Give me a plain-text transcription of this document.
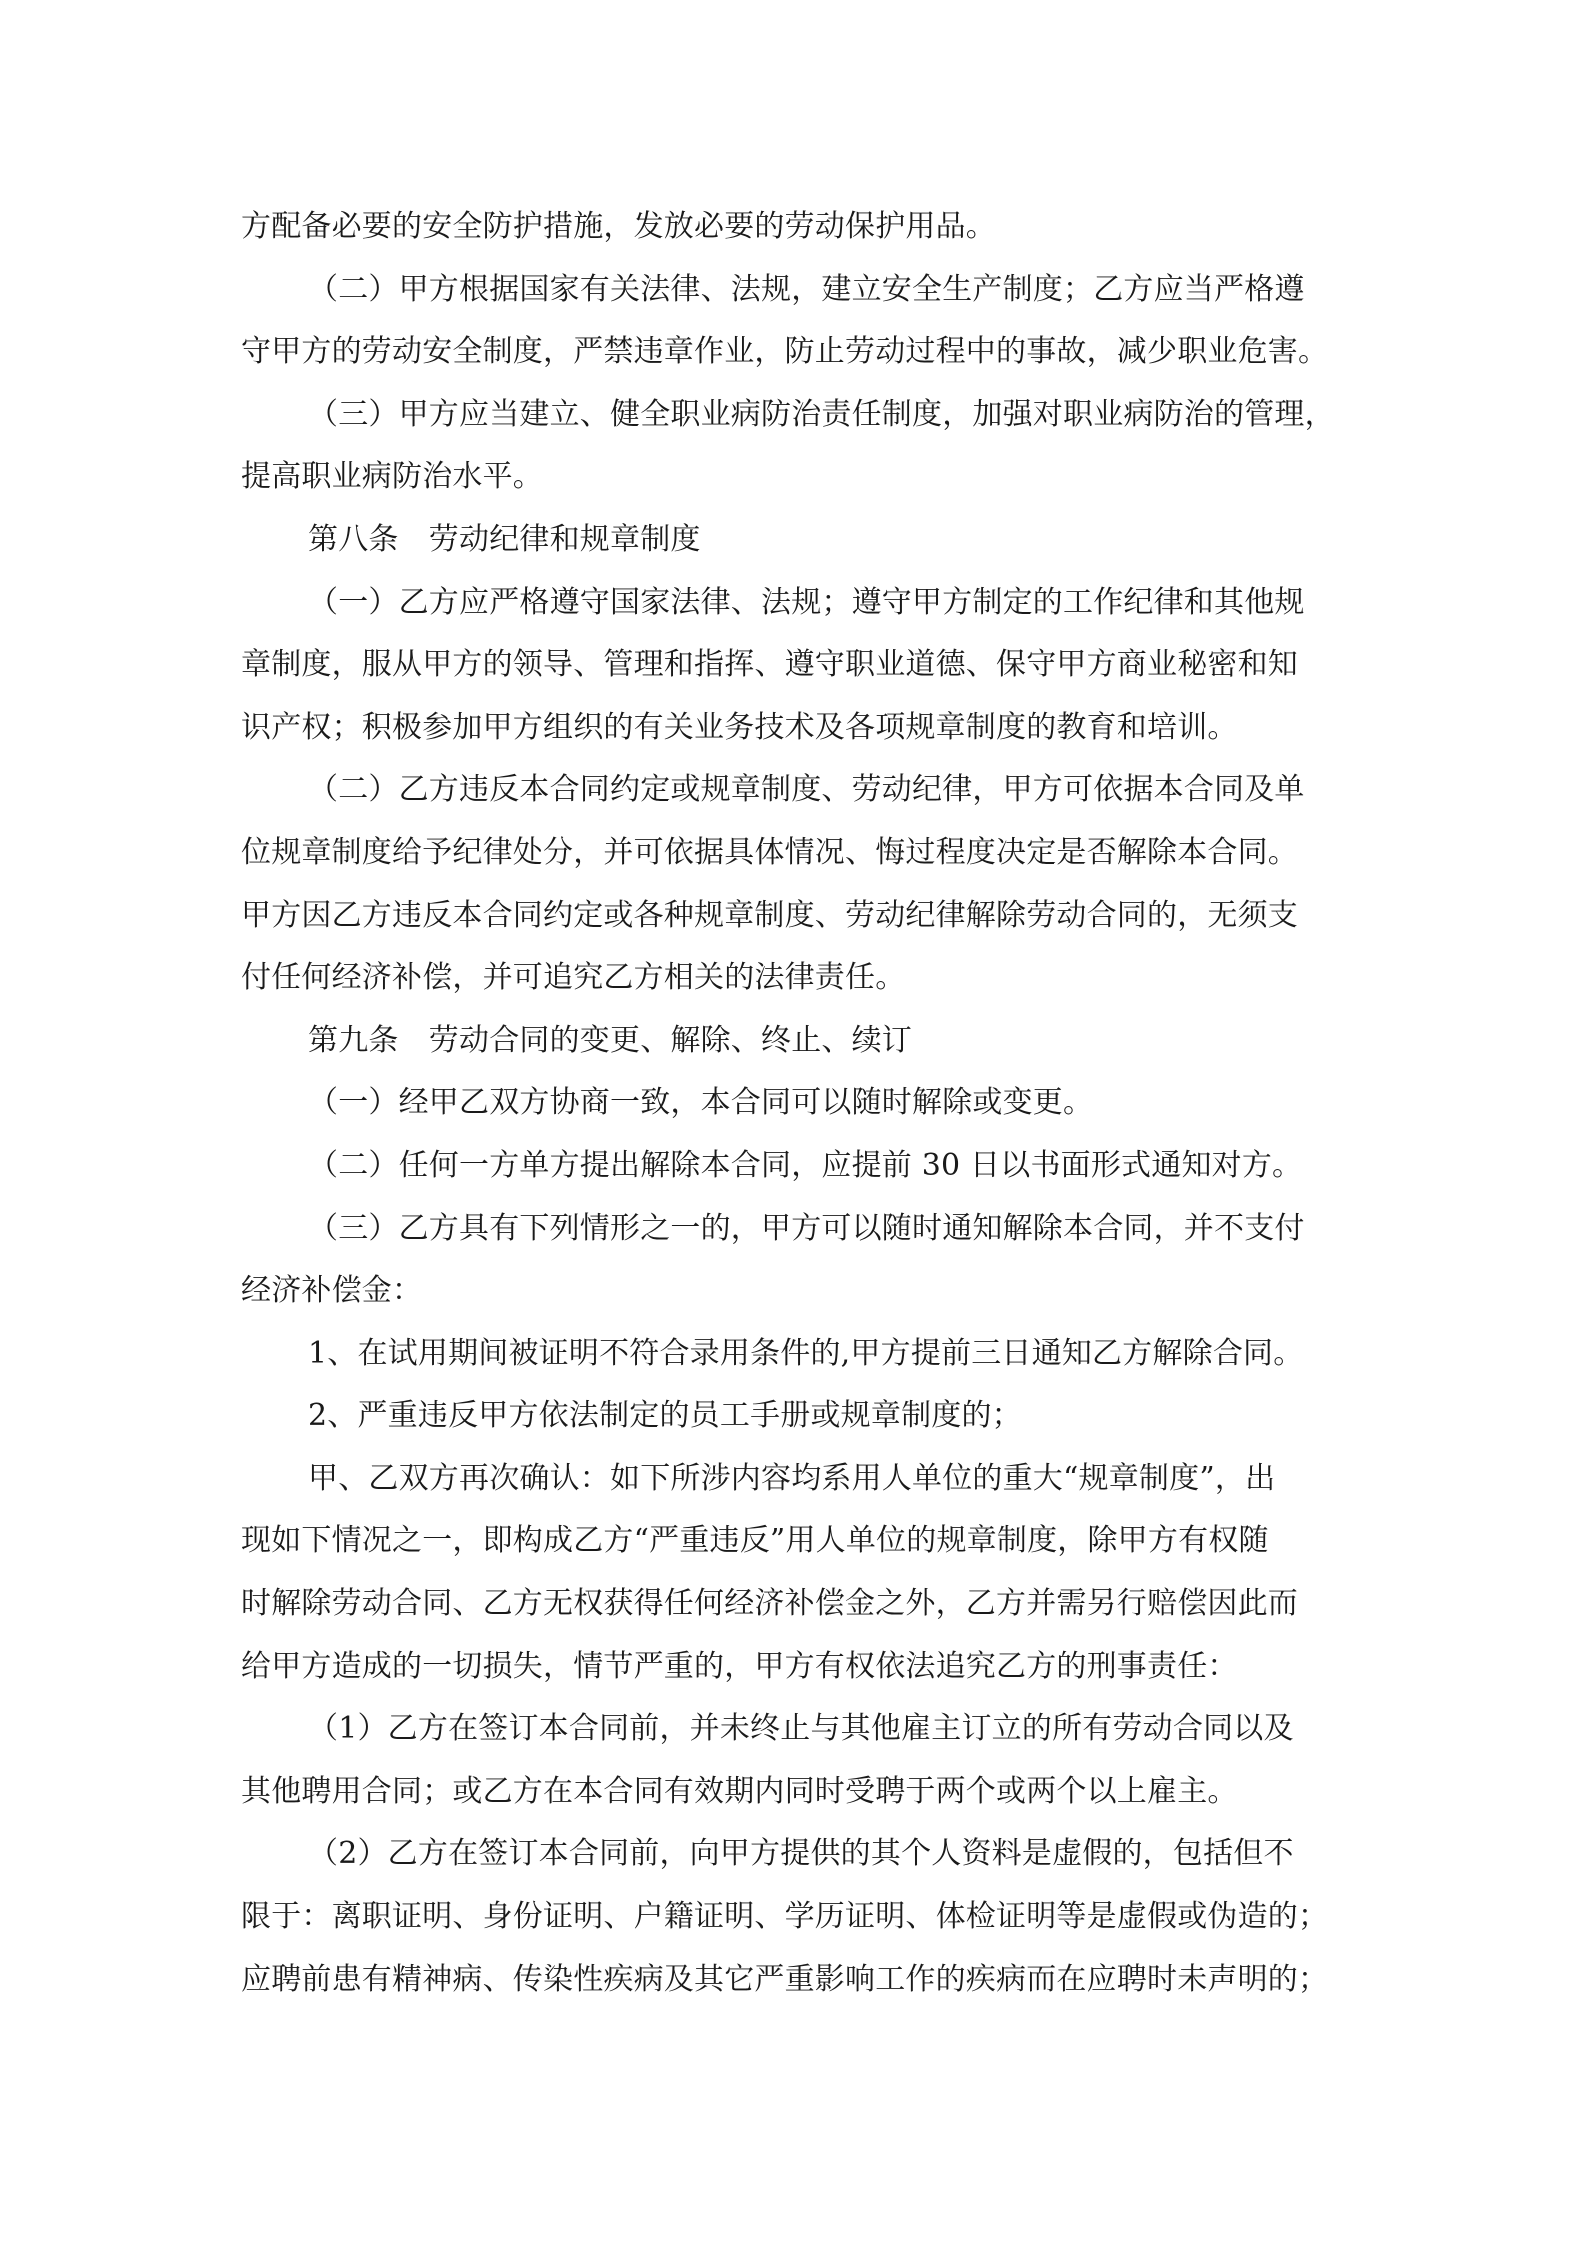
方配备必要的安全防护措施，发放必要的劳动保护用品。
（二）甲方根据国家有关法律、法规，建立安全生产制度；乙方应当严格遵
守甲方的劳动安全制度，严禁违章作业，防止劳动过程中的事故，减少职业危害。
（三）甲方应当建立、健全职业病防治责任制度，加强对职业病防治的管理，
提高职业病防治水平。
第八条　劳动纪律和规章制度
（一）乙方应严格遵守国家法律、法规；遵守甲方制定的工作纪律和其他规
章制度，服从甲方的领导、管理和指挥、遵守职业道德、保守甲方商业秘密和知
识产权；积极参加甲方组织的有关业务技术及各项规章制度的教育和培训。
（二）乙方违反本合同约定或规章制度、劳动纪律，甲方可依据本合同及单
位规章制度给予纪律处分，并可依据具体情况、悔过程度决定是否解除本合同。
甲方因乙方违反本合同约定或各种规章制度、劳动纪律解除劳动合同的，无须支
付任何经济补偿，并可追究乙方相关的法律责任。
第九条　劳动合同的变更、解除、终止、续订
（一）经甲乙双方协商一致，本合同可以随时解除或变更。
（二）任何一方单方提出解除本合同，应提前 30 日以书面形式通知对方。
（三）乙方具有下列情形之一的，甲方可以随时通知解除本合同，并不支付
经济补偿金：
1、在试用期间被证明不符合录用条件的,甲方提前三日通知乙方解除合同。
2、严重违反甲方依法制定的员工手册或规章制度的；
甲、乙双方再次确认：如下所涉内容均系用人单位的重大“规章制度”，出
现如下情况之一，即构成乙方“严重违反”用人单位的规章制度，除甲方有权随
时解除劳动合同、乙方无权获得任何经济补偿金之外，乙方并需另行赔偿因此而
给甲方造成的一切损失，情节严重的，甲方有权依法追究乙方的刑事责任：
（1）乙方在签订本合同前，并未终止与其他雇主订立的所有劳动合同以及
其他聘用合同；或乙方在本合同有效期内同时受聘于两个或两个以上雇主。
（2）乙方在签订本合同前，向甲方提供的其个人资料是虚假的，包括但不
限于：离职证明、身份证明、户籍证明、学历证明、体检证明等是虚假或伪造的；
应聘前患有精神病、传染性疾病及其它严重影响工作的疾病而在应聘时未声明的；
